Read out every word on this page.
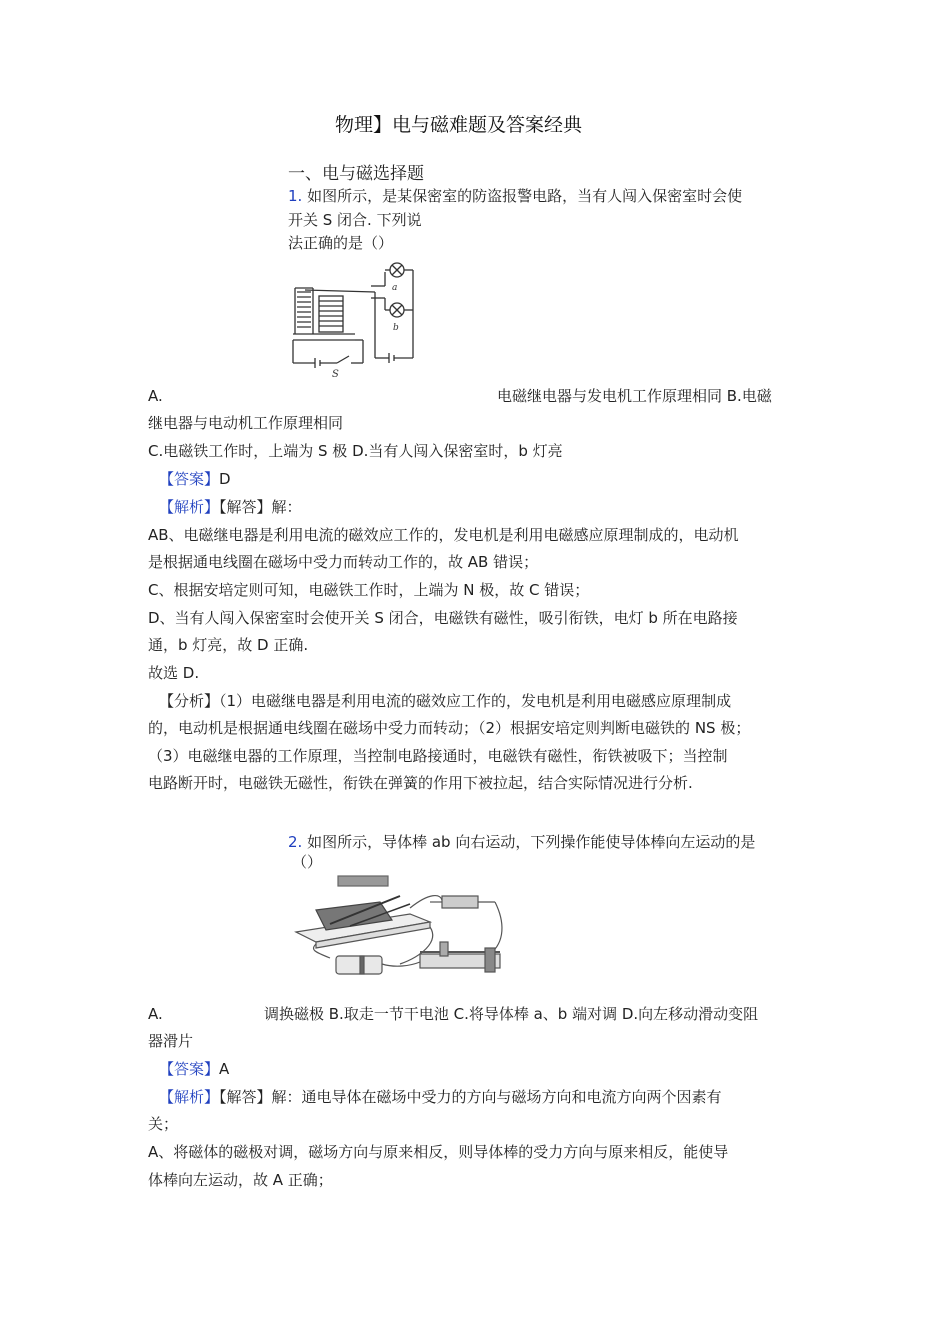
物理】电与磁难题及答案经典
一、电与磁选择题
1. 如图所示，是某保密室的防盗报警电路，当有人闯入保密室时会使
开关 S 闭合. 下列说
法正确的是（）
a
b
S
A.	电磁继电器与发电机工作原理相同 B.电磁
继电器与电动机工作原理相同
C.电磁铁工作时，上端为 S 极 D.当有人闯入保密室时，b 灯亮
【答案】D
【解析】【解答】解：
AB、电磁继电器是利用电流的磁效应工作的，发电机是利用电磁感应原理制成的，电动机
是根据通电线圈在磁场中受力而转动工作的，故 AB 错误；
C、根据安培定则可知，电磁铁工作时，上端为 N 极，故 C 错误；
D、当有人闯入保密室时会使开关 S 闭合，电磁铁有磁性，吸引衔铁，电灯 b 所在电路接
通，b 灯亮，故 D 正确.
故选 D.
【分析】（1）电磁继电器是利用电流的磁效应工作的，发电机是利用电磁感应原理制成
的，电动机是根据通电线圈在磁场中受力而转动；（2）根据安培定则判断电磁铁的 NS 极；
（3）电磁继电器的工作原理，当控制电路接通时，电磁铁有磁性，衔铁被吸下；当控制
电路断开时，电磁铁无磁性，衔铁在弹簧的作用下被拉起，结合实际情况进行分析.
2. 如图所示，导体棒 ab 向右运动，下列操作能使导体棒向左运动的是
（）
A.	调换磁极 B.取走一节干电池 C.将导体棒 a、b 端对调 D.向左移动滑动变阻
器滑片
【答案】A
【解析】【解答】解：通电导体在磁场中受力的方向与磁场方向和电流方向两个因素有
关；
A、将磁体的磁极对调，磁场方向与原来相反，则导体棒的受力方向与原来相反，能使导
体棒向左运动，故 A 正确；
